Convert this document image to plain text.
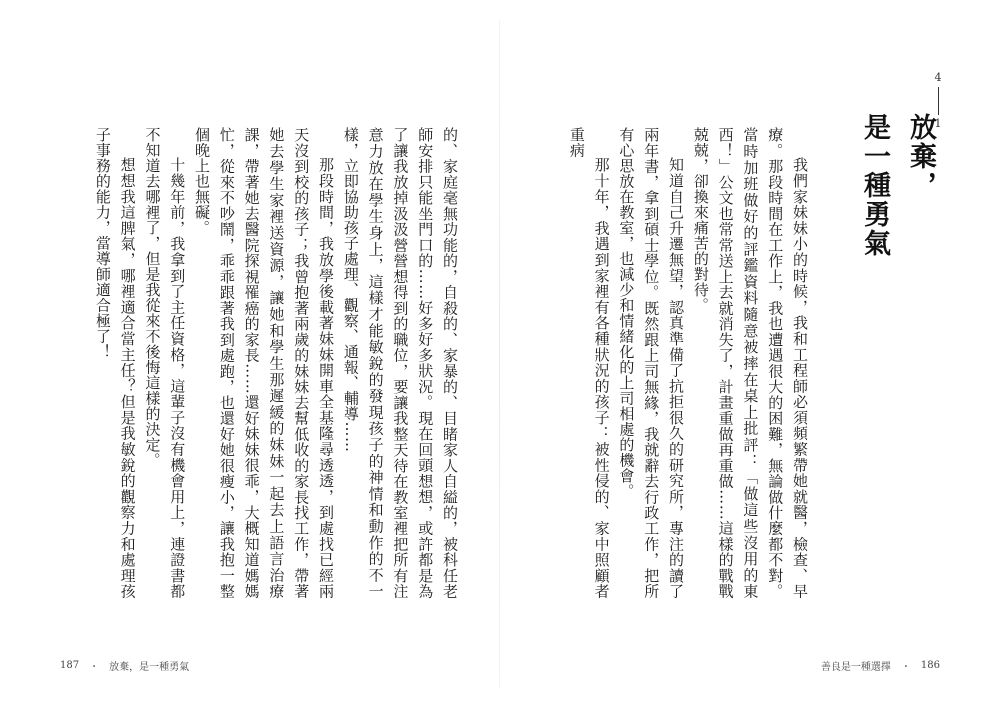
4
1
放棄，
是一種勇氣

我們家妹妹小的時候，我和工程師必須頻繁帶她就醫，檢查、早療。那段時間在工作上，我也遭遇很大的困難，無論做什麼都不對。當時加班做好的評鑑資料隨意被摔在桌上批評：「做這些沒用的東西！」公文也常常送上去就消失了，計畫重做再重做……這樣的戰戰兢兢，卻換來痛苦的對待。

知道自己升遷無望，認真準備了抗拒很久的研究所，專注的讀了兩年書，拿到碩士學位。既然跟上司無緣，我就辭去行政工作，把所有心思放在教室，也減少和情緒化的上司相處的機會。

那十年，我遇到家裡有各種狀況的孩子：被性侵的、家中照顧者重病

的、家庭毫無功能的，自殺的、家暴的、目睹家人自縊的，被科任老師安排只能坐門口的……好多好多狀況。現在回頭想想，或許都是為了讓我放掉汲汲營營想得到的職位，要讓我整天待在教室裡把所有注意力放在學生身上，這樣才能敏銳的發現孩子的神情和動作的不一樣，立即協助孩子處理、觀察、通報、輔導……

那段時間，我放學後載著妹妹開車全基隆尋透透，到處找已經兩天沒到校的孩子；我曾抱著兩歲的妹妹去幫低收的家長找工作，帶著她去學生家裡送資源，讓她和學生那遲緩的妹妹一起去上語言治療課，帶著她去醫院探視罹癌的家長……還好妹妹很乖，大概知道媽媽忙，從來不吵鬧，乖乖跟著我到處跑，也還好她很瘦小，讓我抱一整個晚上也無礙。

十幾年前，我拿到了主任資格，這輩子沒有機會用上，連證書都不知道去哪裡了，但是我從來不後悔這樣的決定。

想想我這脾氣，哪裡適合當主任？但是我敏銳的觀察力和處理孩子事務的能力，當導師適合極了！

187 ・ 放棄，是一種勇氣	善良是一種選擇 ・ 186
